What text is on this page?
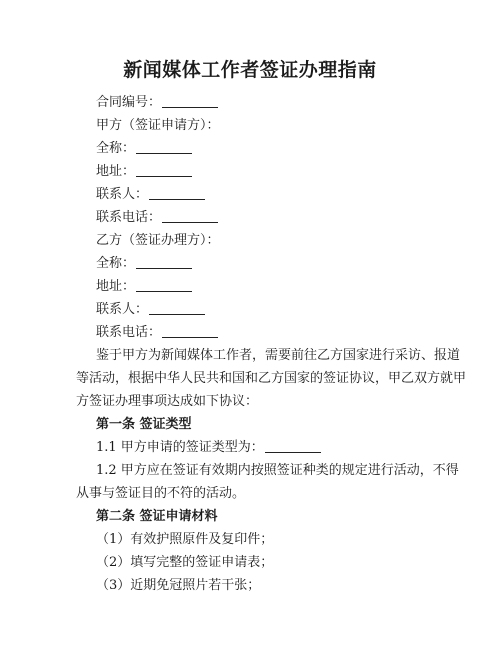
新闻媒体工作者签证办理指南
合同编号：
甲方（签证申请方）：
全称：
地址：
联系人：
联系电话：
乙方（签证办理方）：
全称：
地址：
联系人：
联系电话：
鉴于甲方为新闻媒体工作者，需要前往乙方国家进行采访、报道
等活动，根据中华人民共和国和乙方国家的签证协议，甲乙双方就甲
方签证办理事项达成如下协议：
第一条 签证类型
1.1 甲方申请的签证类型为：
1.2 甲方应在签证有效期内按照签证种类的规定进行活动，不得
从事与签证目的不符的活动。
第二条 签证申请材料
（1）有效护照原件及复印件；
（2）填写完整的签证申请表；
（3）近期免冠照片若干张；
